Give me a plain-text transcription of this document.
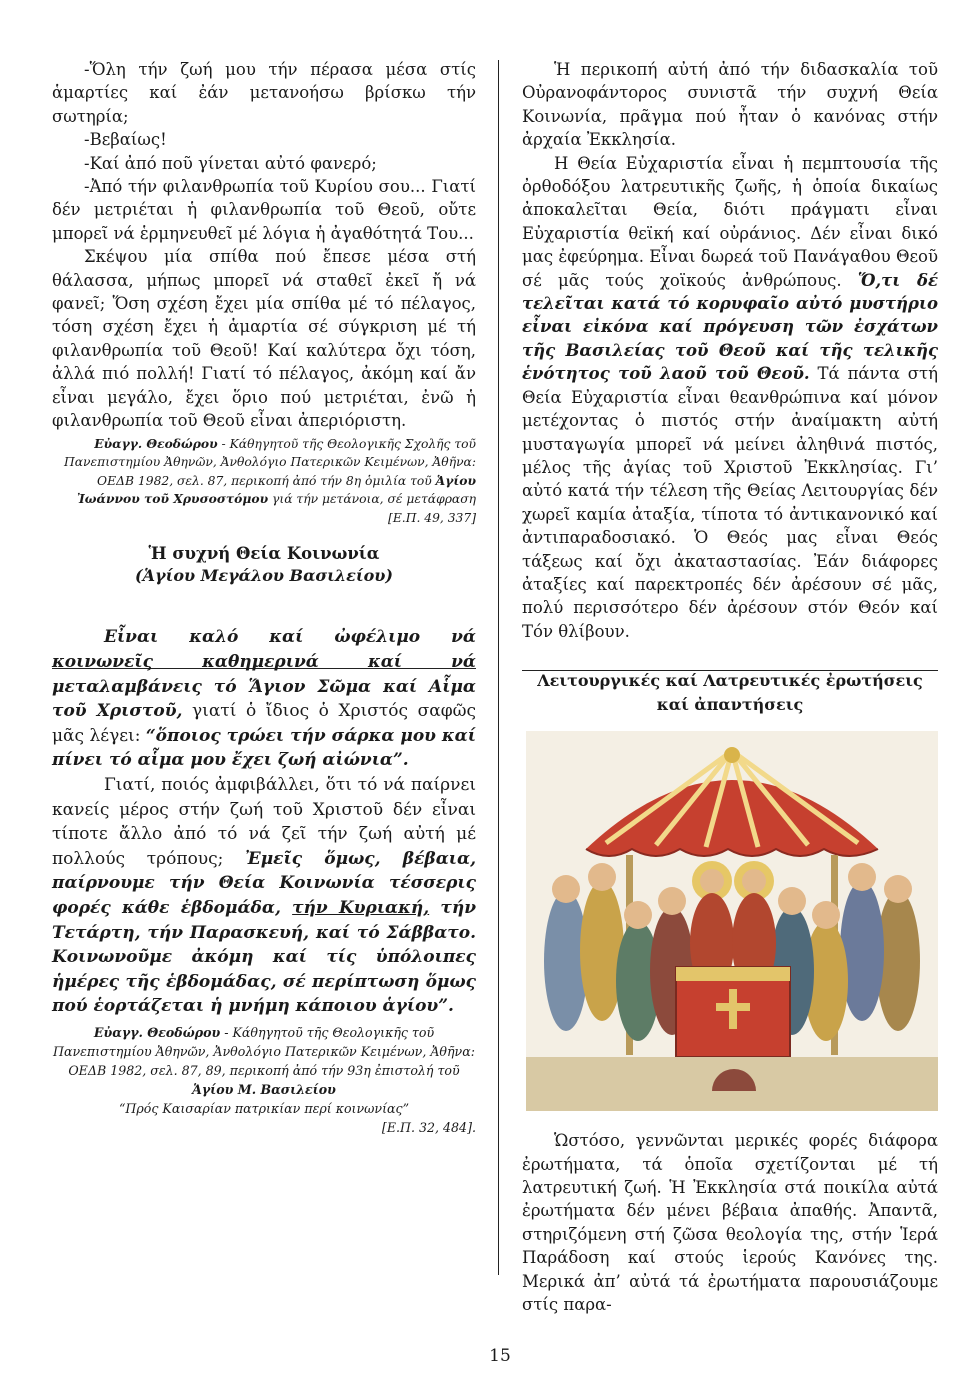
-Ὅλη τήν ζωή μου τήν πέρασα μέσα στίς ἁμαρτίες καί ἐάν μετανοήσω βρίσκω τήν σωτηρία;

-Βεβαίως!

-Καί ἀπό ποῦ γίνεται αὐτό φανερό;

-Ἀπό τήν φιλανθρωπία τοῦ Κυρίου σου... Γιατί δέν μετριέται ἡ φιλανθρωπία τοῦ Θεοῦ, οὔτε μπορεῖ νά ἑρμηνευθεῖ μέ λόγια ἡ ἀγαθότητά Του...

Σκέψου μία σπίθα πού ἔπεσε μέσα στή θάλασσα, μήπως μπορεῖ νά σταθεῖ ἐκεῖ ἤ νά φανεῖ; Ὅση σχέση ἔχει μία σπίθα μέ τό πέλαγος, τόση σχέση ἔχει ἡ ἁμαρτία σέ σύγκριση μέ τή φιλανθρωπία τοῦ Θεοῦ! Καί καλύτερα ὄχι τόση, ἀλλά πιό πολλή! Γιατί τό πέλαγος, ἀκόμη καί ἄν εἶναι μεγάλο, ἔχει ὅριο πού μετριέται, ἐνῶ ἡ φιλανθρωπία τοῦ Θεοῦ εἶναι ἀπεριόριστη.

Εὐαγγ. Θεοδώρου - Κάθηγητοῦ τῆς Θεολογικῆς Σχολῆς τοῦ Πανεπιστημίου Ἀθηνῶν, Ἀνθολόγιο Πατερικῶν Κειμένων, Ἀθῆνα: ΟΕΔΒ 1982, σελ. 87, περικοπή ἀπό τήν 8η ὁμιλία τοῦ Ἁγίου Ἰωάννου τοῦ Χρυσοστόμου γιά τήν μετάνοια, σέ μετάφραση
[Ε.Π. 49, 337]
Ἡ συχνή Θεία Κοινωνία
(Ἁγίου Μεγάλου Βασιλείου)

Εἶναι καλό καί ὠφέλιμο νά κοινωνεῖς καθημερινά καί νά μεταλαμβάνεις τό Ἅγιον Σῶμα καί Αἷμα τοῦ Χριστοῦ, γιατί ὁ ἴδιος ὁ Χριστός σαφῶς μᾶς λέγει: “ὅποιος τρώει τήν σάρκα μου καί πίνει τό αἷμα μου ἔχει ζωή αἰώνια”.

Γιατί, ποιός ἀμφιβάλλει, ὅτι τό νά παίρνει κανείς μέρος στήν ζωή τοῦ Χριστοῦ δέν εἶναι τίποτε ἄλλο ἀπό τό νά ζεῖ τήν ζωή αὐτή μέ πολλούς τρόπους; Ἐμεῖς ὅμως, βέβαια, παίρνουμε τήν Θεία Κοινωνία τέσσερις φορές κάθε ἑβδομάδα, τήν Κυριακή, τήν Τετάρτη, τήν Παρασκευή, καί τό Σάββατο. Κοινωνοῦμε ἀκόμη καί τίς ὑπόλοιπες ἡμέρες τῆς ἑβδομάδας, σέ περίπτωση ὅμως πού ἑορτάζεται ἡ μνήμη κάποιου ἁγίου”.

Εὐαγγ. Θεοδώρου - Κάθηγητοῦ τῆς Θεολογικῆς τοῦ Πανεπιστημίου Ἀθηνῶν, Ἀνθολόγιο Πατερικῶν Κειμένων, Ἀθῆνα: ΟΕΔΒ 1982, σελ. 87, 89, περικοπή ἀπό τήν 93η ἐπιστολή τοῦ Ἁγίου Μ. Βασιλείου
“Πρός Καισαρίαν πατρικίαν περί κοινωνίας”

[Ε.Π. 32, 484].

Ἡ περικοπή αὐτή ἀπό τήν διδασκαλία τοῦ Οὐρανοφάντορος συνιστᾶ τήν συχνή Θεία Κοινωνία, πρᾶγμα πού ἦταν ὁ κανόνας στήν ἀρχαία Ἐκκλησία.

Η Θεία Εὐχαριστία εἶναι ἡ πεμπτουσία τῆς ὀρθοδόξου λατρευτικῆς ζωῆς, ἡ ὁποία δικαίως ἀποκαλεῖται Θεία, διότι πράγματι εἶναι Εὐχαριστία θεϊκή καί οὐράνιος. Δέν εἶναι δικό μας ἐφεύρημα. Εἶναι δωρεά τοῦ Πανάγαθου Θεοῦ σέ μᾶς τούς χοϊκούς ἀνθρώπους. Ὅ,τι δέ τελεῖται κατά τό κορυφαῖο αὐτό μυστήριο εἶναι εἰκόνα καί πρόγευση τῶν ἐσχάτων τῆς Βασιλείας τοῦ Θεοῦ καί τῆς τελικῆς ἑνότητος τοῦ λαοῦ τοῦ Θεοῦ. Τά πάντα στή Θεία Εὐχαριστία εἶναι θεανθρώπινα καί μόνον μετέχοντας ὁ πιστός στήν ἀναίμακτη αὐτή μυσταγωγία μπορεῖ νά μείνει ἀληθινά πιστός, μέλος τῆς ἁγίας τοῦ Χριστοῦ Ἐκκλησίας. Γι’ αὐτό κατά τήν τέλεση τῆς Θείας Λειτουργίας δέν χωρεῖ καμία ἀταξία, τίποτα τό ἀντικανονικό καί ἀντιπαραδοσιακό. Ὁ Θεός μας εἶναι Θεός τάξεως καί ὄχι ἀκαταστασίας. Ἐάν διάφορες ἀταξίες καί παρεκτροπές δέν ἀρέσουν σέ μᾶς, πολύ περισσότερο δέν ἀρέσουν στόν Θεόν καί Τόν θλίβουν.

Λειτουργικές καί Λατρευτικές ἐρωτήσεις καί ἀπαντήσεις

Ὡστόσο, γεννῶνται μερικές φορές διάφορα ἐρωτήματα, τά ὁποῖα σχετίζονται μέ τή λατρευτική ζωή. Ἡ Ἐκκλησία στά ποικίλα αὐτά ἐρωτήματα δέν μένει βέβαια ἀπαθής. Ἀπαντᾶ, στηριζόμενη στή ζῶσα θεολογία της, στήν Ἱερά Παράδοση καί στούς ἱερούς Κανόνες της. Μερικά ἀπ’ αὐτά τά ἐρωτήματα παρουσιάζουμε στίς παρα-

15
